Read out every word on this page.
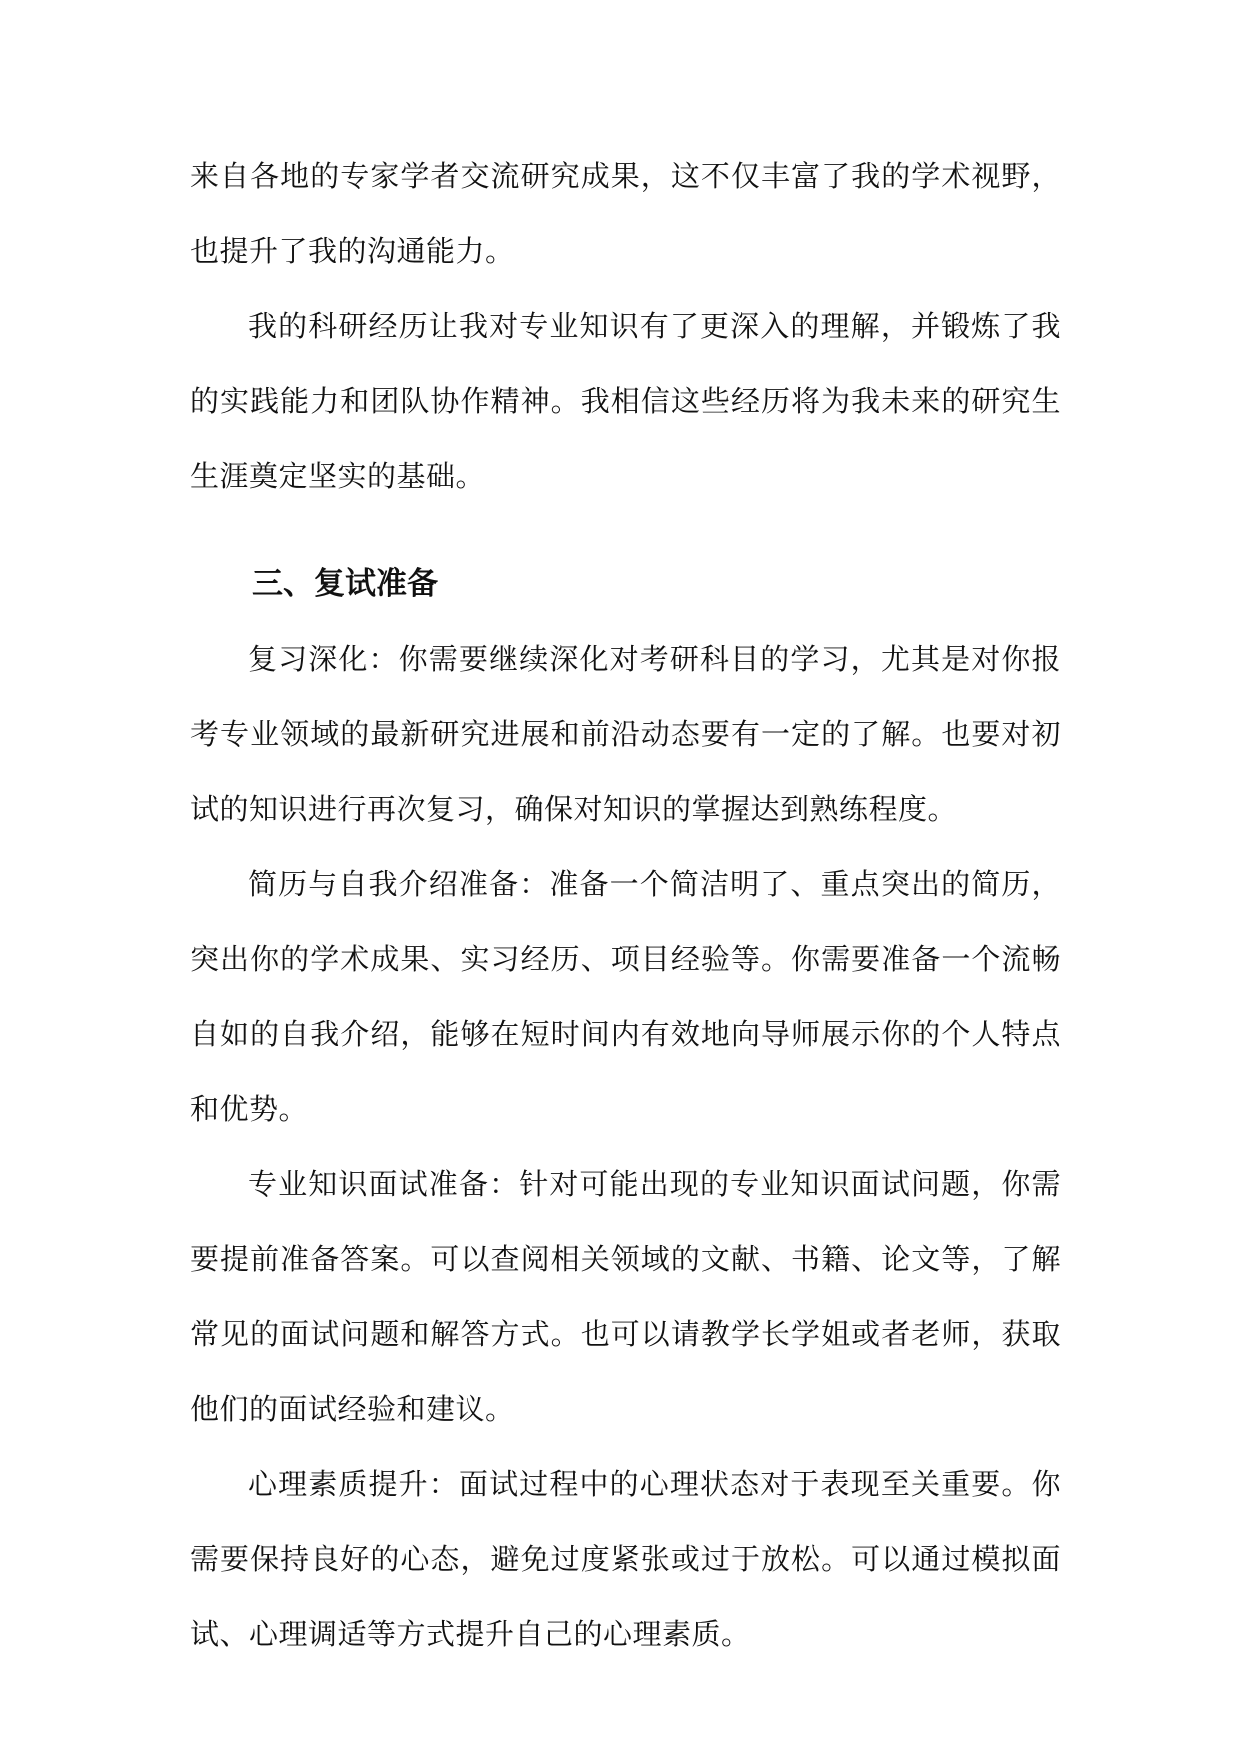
来自各地的专家学者交流研究成果，这不仅丰富了我的学术视野，也提升了我的沟通能力。

我的科研经历让我对专业知识有了更深入的理解，并锻炼了我的实践能力和团队协作精神。我相信这些经历将为我未来的研究生生涯奠定坚实的基础。

三、复试准备

复习深化：你需要继续深化对考研科目的学习，尤其是对你报考专业领域的最新研究进展和前沿动态要有一定的了解。也要对初试的知识进行再次复习，确保对知识的掌握达到熟练程度。

简历与自我介绍准备：准备一个简洁明了、重点突出的简历，突出你的学术成果、实习经历、项目经验等。你需要准备一个流畅自如的自我介绍，能够在短时间内有效地向导师展示你的个人特点和优势。

专业知识面试准备：针对可能出现的专业知识面试问题，你需要提前准备答案。可以查阅相关领域的文献、书籍、论文等，了解常见的面试问题和解答方式。也可以请教学长学姐或者老师，获取他们的面试经验和建议。

心理素质提升：面试过程中的心理状态对于表现至关重要。你需要保持良好的心态，避免过度紧张或过于放松。可以通过模拟面试、心理调适等方式提升自己的心理素质。
